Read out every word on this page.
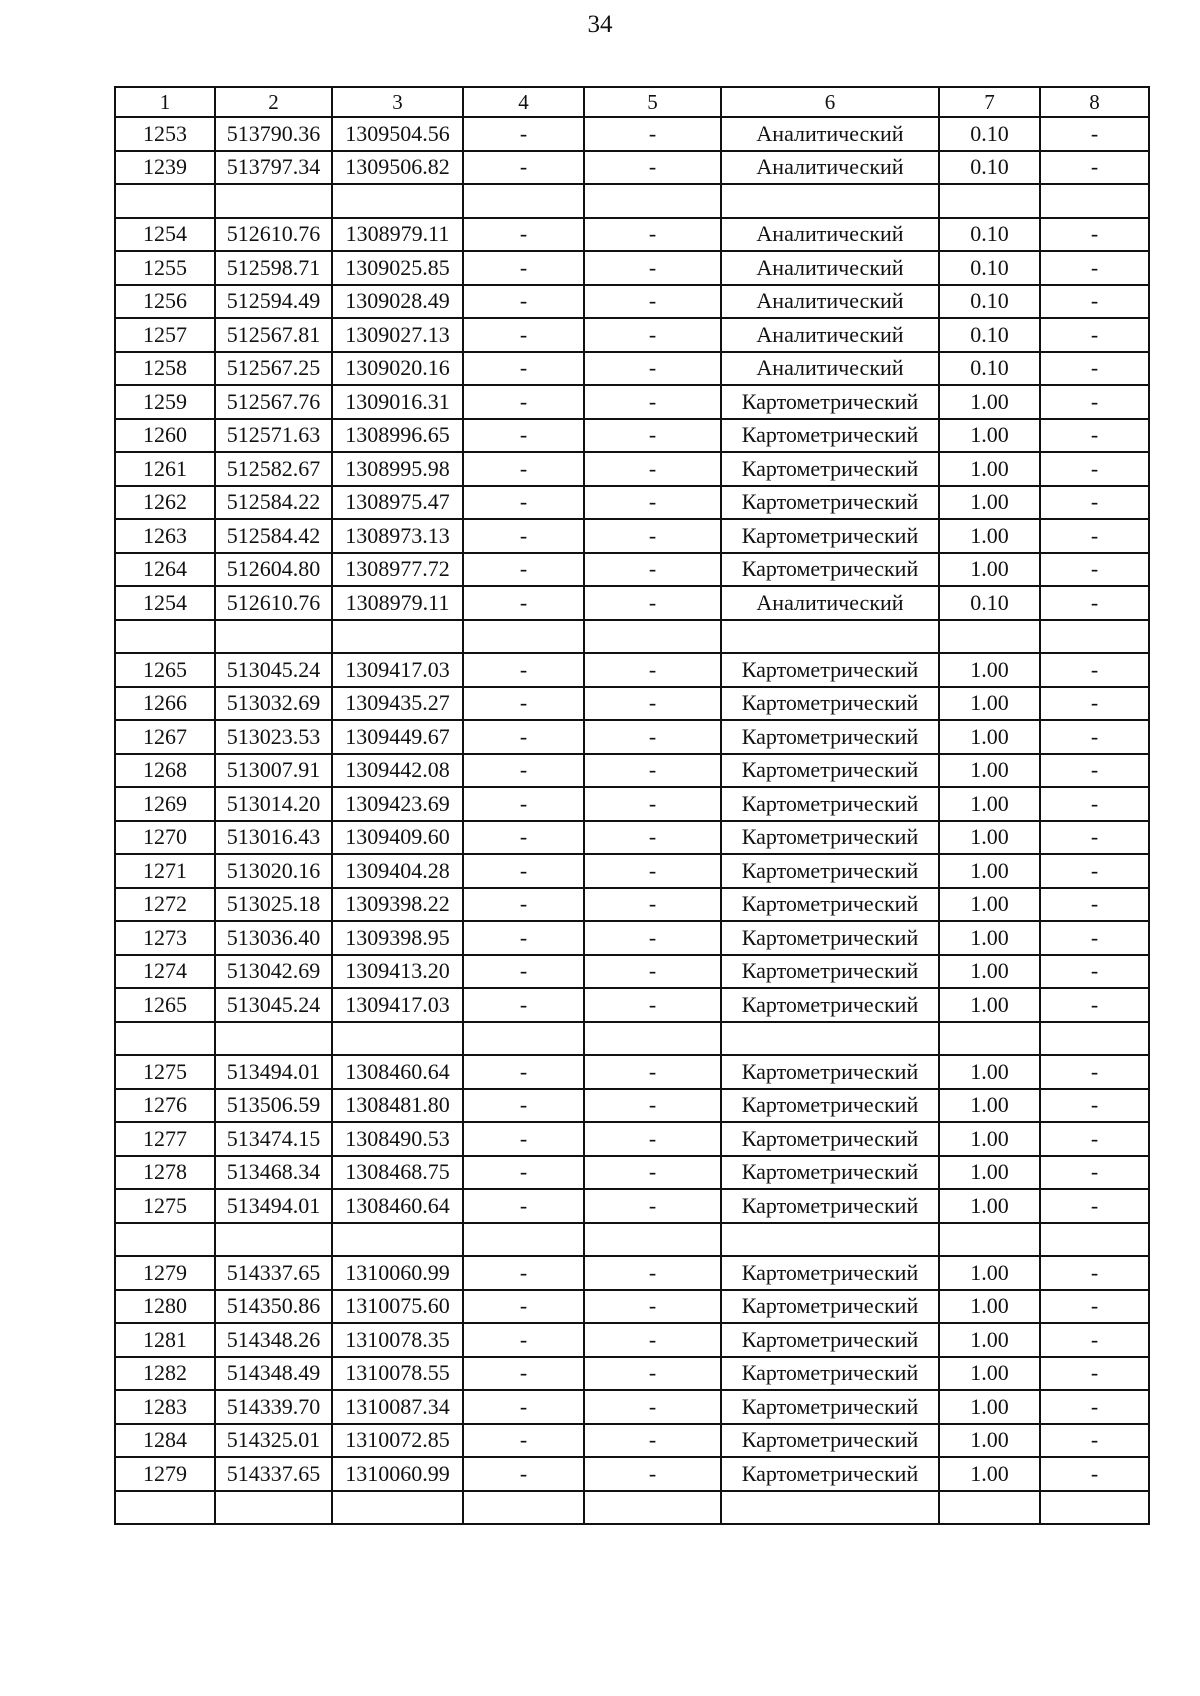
34
1	2	3	4	5	6	7	8
1253	513790.36	1309504.56	-	-	Аналитический	0.10	-
1239	513797.34	1309506.82	-	-	Аналитический	0.10	-

1254	512610.76	1308979.11	-	-	Аналитический	0.10	-
1255	512598.71	1309025.85	-	-	Аналитический	0.10	-
1256	512594.49	1309028.49	-	-	Аналитический	0.10	-
1257	512567.81	1309027.13	-	-	Аналитический	0.10	-
1258	512567.25	1309020.16	-	-	Аналитический	0.10	-
1259	512567.76	1309016.31	-	-	Картометрический	1.00	-
1260	512571.63	1308996.65	-	-	Картометрический	1.00	-
1261	512582.67	1308995.98	-	-	Картометрический	1.00	-
1262	512584.22	1308975.47	-	-	Картометрический	1.00	-
1263	512584.42	1308973.13	-	-	Картометрический	1.00	-
1264	512604.80	1308977.72	-	-	Картометрический	1.00	-
1254	512610.76	1308979.11	-	-	Аналитический	0.10	-

1265	513045.24	1309417.03	-	-	Картометрический	1.00	-
1266	513032.69	1309435.27	-	-	Картометрический	1.00	-
1267	513023.53	1309449.67	-	-	Картометрический	1.00	-
1268	513007.91	1309442.08	-	-	Картометрический	1.00	-
1269	513014.20	1309423.69	-	-	Картометрический	1.00	-
1270	513016.43	1309409.60	-	-	Картометрический	1.00	-
1271	513020.16	1309404.28	-	-	Картометрический	1.00	-
1272	513025.18	1309398.22	-	-	Картометрический	1.00	-
1273	513036.40	1309398.95	-	-	Картометрический	1.00	-
1274	513042.69	1309413.20	-	-	Картометрический	1.00	-
1265	513045.24	1309417.03	-	-	Картометрический	1.00	-

1275	513494.01	1308460.64	-	-	Картометрический	1.00	-
1276	513506.59	1308481.80	-	-	Картометрический	1.00	-
1277	513474.15	1308490.53	-	-	Картометрический	1.00	-
1278	513468.34	1308468.75	-	-	Картометрический	1.00	-
1275	513494.01	1308460.64	-	-	Картометрический	1.00	-

1279	514337.65	1310060.99	-	-	Картометрический	1.00	-
1280	514350.86	1310075.60	-	-	Картометрический	1.00	-
1281	514348.26	1310078.35	-	-	Картометрический	1.00	-
1282	514348.49	1310078.55	-	-	Картометрический	1.00	-
1283	514339.70	1310087.34	-	-	Картометрический	1.00	-
1284	514325.01	1310072.85	-	-	Картометрический	1.00	-
1279	514337.65	1310060.99	-	-	Картометрический	1.00	-
